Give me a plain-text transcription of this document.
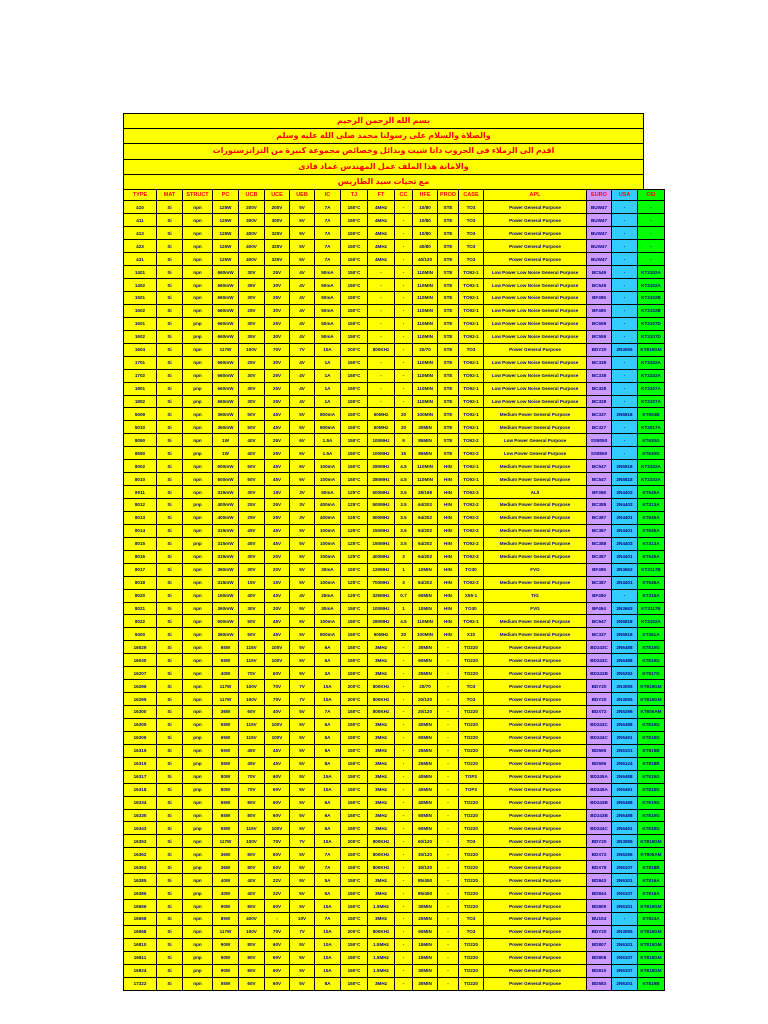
بسم الله الرحمن الرحيم
والصلاة والسلام على رسولنا محمد صلى الله عليه وسلم
اقدم الى الزملاء فى الجروب داتا شيت وبدائل وخصائص مجموعة كبيرة من الترانزستورات
والامانة هذا الملف عمل المهندس عماد فادى
مع تحيات سيد الطاريس
TYPE	MAT	STRUCT	PC	UCB	UCE	UEB	IC	TJ	FT	CC	HFE	PROD	CASE	APL	EURO	USA	CEI
410	Si	npn	125W	200V	200V	5V	7A	150°C	4MHz	-	10/80	STE	TO3	Power General Purpose	BUW47	-	-
411	Si	npn	125W	300V	300V	5V	7A	150°C	4MHz	-	10/80	STE	TO3	Power General Purpose	BUW47	-	-
413	Si	npn	125W	400V	325V	5V	7A	150°C	4MHz	-	10/80	STE	TO3	Power General Purpose	BUW47	-	-
423	Si	npn	125W	400V	325V	5V	7A	150°C	4MHz	-	40/80	STE	TO3	Power General Purpose	BUW47	-	-
431	Si	npn	125W	400V	325V	5V	7A	150°C	4MHz	-	40/120	STE	TO3	Power General Purpose	BUW47	-	-
1401	Si	npn	660mW	30V	25V	4V	50mA	150°C	-	-	110MIN	STE	TO92-1	Low Power Low Noise General Purpose	BC549	-	KT3102A
1402	Si	npn	660mW	35V	30V	4V	50mA	150°C	-	-	110MIN	STE	TO92-1	Low Power Low Noise General Purpose	BC549	-	KT3102A
1501	Si	npn	660mW	30V	25V	4V	50mA	150°C	-	-	110MIN	STE	TO92-1	Low Power Low Noise General Purpose	BF495	-	KT3102B
1502	Si	npn	660mW	25V	30V	4V	50mA	150°C	-	-	110MIN	STE	TO92-1	Low Power Low Noise General Purpose	BF495	-	KT3102B
1601	Si	pnp	660mW	30V	25V	4V	50mA	150°C	-	-	110MIN	STE	TO92-1	Low Power Low Noise General Purpose	BC559	-	KT3107D
1602	Si	pnp	660mW	35V	30V	4V	50mA	150°C	-	-	110MIN	STE	TO92-1	Low Power Low Noise General Purpose	BC559	-	KT3107D
1604	Si	npn	117W	100V	70V	7V	15A	200°C	800KHz	-	20/70	STE	TO3	Power General Purpose	BDY20	2N3055	KT819GM
1701	Si	npn	660mW	25V	30V	4V	1A	150°C	-	-	110MIN	STE	TO92-1	Low Power Low Noise General Purpose	BC338	-	KT3102A
1702	Si	npn	660mW	30V	25V	4V	1A	150°C	-	-	110MIN	STE	TO92-1	Low Power Low Noise General Purpose	BC338	-	KT3102A
1801	Si	pnp	660mW	30V	25V	4V	1A	150°C	-	-	110MIN	STE	TO92-1	Low Power Low Noise General Purpose	BC328	-	KT3107A
1802	Si	pnp	660mW	30V	25V	4V	1A	150°C	-	-	110MIN	STE	TO92-1	Low Power Low Noise General Purpose	BC328	-	KT3107A
5009	Si	npn	360mW	50V	45V	5V	800mA	150°C	60MHz	20	100MIN	STE	TO92-1	Medium Power General Purpose	BC337	2N5818	KT504B
5010	Si	npn	360mW	50V	45V	5V	800mA	150°C	60MHz	20	30MIN	STE	TO92-1	Medium Power General Purpose	BC327	-	KT3017A
8050	Si	npn	1W	40V	25V	6V	1.5A	150°C	100MHz	9	85MIN	STE	TO92-2	Low Power General Purpose	SS8050	-	KT630G
8550	Si	pnp	1W	40V	25V	6V	1.5A	150°C	100MHz	15	85MIN	STE	TO92-2	Low Power General Purpose	SS8550	-	KT630G
8002	Si	npn	500mW	50V	45V	6V	100mA	150°C	280MHz	4.5	110MIN	HIN	TO92-1	Medium Power General Purpose	BC547	2N5818	KT3102A
8010	Si	npn	500mW	50V	45V	6V	100mA	150°C	280MHz	4.5	110MIN	HIN	TO92-1	Medium Power General Purpose	BC547	2N5818	KT3102A
8011	Si	npn	315mW	30V	18V	3V	50mA	125°C	500MHz	3.5	28/198	HIN	TO92-3	AL/I	BF368	2N4403	KT645A
8012	Si	pnp	400mW	25V	25V	3V	400mA	125°C	500MHz	3.5	64/202	HIN	TO92-2	Medium Power General Purpose	BC388	2N4403	KT313A
8013	Si	npn	400mW	25V	25V	3V	400mA	125°C	500MHz	3.5	64/202	HIN	TO92-2	Medium Power General Purpose	BC387	2N4401	KT645A
8014	Si	npn	315mW	45V	45V	5V	100mA	125°C	150MHz	3.5	64/202	HIN	TO92-2	Medium Power General Purpose	BC387	2N4401	KT645A
8015	Si	pnp	315mW	45V	45V	5V	100mA	125°C	150MHz	3.5	64/202	HIN	TO92-2	Medium Power General Purpose	BC388	2N4403	KT313A
8016	Si	npn	315mW	30V	20V	5V	100mA	125°C	400MHz	3	64/202	HIN	TO92-2	Medium Power General Purpose	BC387	2N4401	KT645A
8017	Si	npn	360mW	30V	20V	5V	30mA	150°C	120MHz	1	10MIN	HIN	TO30	FVG	BF495	2N3663	KT3117B
8018	Si	npn	315mW	15V	15V	5V	100mA	125°C	700MHz	3	64/202	HIN	TO92-2	Medium Power General Purpose	BC387	2N4401	KT645A
8020	Si	npn	150mW	40V	40V	4V	25mA	125°C	325MHz	0.7	60MIN	HIN	X55-1	TIG	BF450	-	KT315A
8021	Si	npn	360mW	30V	20V	5V	30mA	150°C	100MHz	1	10MIN	HIN	TO30	FVG	BF494	2N3663	KT3117B
8022	Si	npn	500mW	50V	45V	6V	100mA	150°C	280MHz	4.5	110MIN	HIN	TO92-1	Medium Power General Purpose	BC547	2N5818	KT3102A
9400	Si	npn	360mW	50V	45V	5V	800mA	150°C	60MHz	20	100MIN	HIN	X10	Medium Power General Purpose	BC337	2N5818	KT361A
16029	Si	npn	65W	115V	100V	5V	6A	150°C	3MHz	-	30MIN	-	TO220	Power General Purpose	BD243C	2N6488	KT819G
16030	Si	npn	65W	115V	100V	5V	6A	150°C	3MHz	-	60MIN	-	TO220	Power General Purpose	BD243C	2N6488	KT819G
16207	Si	npn	40W	70V	60V	5V	3A	150°C	3MHz	-	25MIN	-	TO220	Power General Purpose	BD241B	2N6292	KT817G
16296	Si	npn	117W	100V	70V	7V	15A	200°C	800KHz	-	20/70	-	TO3	Power General Purpose	BDY20	2N3055	KT819GM
16299	Si	npn	117W	100V	70V	7V	15A	200°C	800KHz	-	20/120	-	TO3	Power General Purpose	BDY20	2N3055	KT819GM
16300	Si	npn	36W	60V	40V	5V	7A	150°C	800KHz	-	20/120	-	TO220	Power General Purpose	BDX72	2N5296	KT805AM
16305	Si	npn	65W	115V	100V	5V	6A	150°C	3MHz	-	40MIN	-	TO220	Power General Purpose	BD243C	2N6488	KT819G
16306	Si	pnp	65W	115V	100V	5V	6A	150°C	3MHz	-	60MIN	-	TO220	Power General Purpose	BD244C	2N6491	KT818G
16315	Si	npn	55W	45V	45V	5V	8A	150°C	3MHz	-	25MIN	-	TO220	Power General Purpose	BD595	2N6101	KT819B
16316	Si	pnp	55W	45V	45V	5V	8A	150°C	3MHz	-	25MIN	-	TO220	Power General Purpose	BD596	2N6124	KT818B
16317	Si	npn	80W	70V	60V	5V	15A	150°C	3MHz	-	40MIN	-	TOP3	Power General Purpose	BD245A	2N6488	KT819G
16318	Si	pnp	80W	70V	60V	5V	15A	150°C	3MHz	-	40MIN	-	TOP3	Power General Purpose	BD246A	2N6491	KT818G
16334	Si	npn	65W	80V	60V	5V	6A	150°C	3MHz	-	40MIN	-	TO220	Power General Purpose	BD243B	2N6488	KT819G
16335	Si	npn	65W	80V	60V	5V	6A	150°C	3MHz	-	60MIN	-	TO220	Power General Purpose	BD243B	2N6488	KT819G
16343	Si	pnp	65W	115V	100V	5V	6A	150°C	3MHz	-	60MIN	-	TO220	Power General Purpose	BD244C	2N6491	KT818G
16353	Si	npn	117W	100V	70V	7V	15A	200°C	800KHz	-	60/120	-	TO3	Power General Purpose	BDY20	2N3055	KT819GM
16362	Si	npn	36W	80V	60V	5V	7A	150°C	800KHz	-	30/120	-	TO220	Power General Purpose	BDX72	2N5296	KT805AM
16363	Si	pnp	36W	80V	60V	5V	7A	150°C	800KHz	-	30/120	-	TO220	Power General Purpose	BDX78	2N6107	KT818B
16385	Si	npn	40W	40V	22V	5V	5A	150°C	3MHz	-	85/450	-	TO220	Power General Purpose	BD843	2N6101	KT816A
16386	Si	pnp	40W	40V	22V	5V	5A	150°C	3MHz	-	85/450	-	TO220	Power General Purpose	BD844	2N6107	KT816A
16656	Si	npn	90W	80V	60V	5V	15A	150°C	1.5MHz	-	30MIN	-	TO220	Power General Purpose	BD809	2N6101	KT819GM
16658	Si	npn	85W	400V	-	10V	7A	150°C	3MHz	-	20MIN	-	TO3	Power General Purpose	BU104	-	KT824A
16668	Si	npn	117W	100V	70V	7V	15A	200°C	800KHz	-	60MIN	-	TO3	Power General Purpose	BDY20	2N3055	KT819GM
16810	Si	npn	90W	80V	60V	5V	10A	150°C	1.5MHz	-	15MIN	-	TO220	Power General Purpose	BD807	2N6101	KT819GM
16811	Si	pnp	90W	80V	60V	5V	10A	150°C	1.5MHz	-	15MIN	-	TO220	Power General Purpose	BD808	2N6107	KT818GM
16824	Si	pnp	90W	80V	60V	5V	15A	150°C	1.5MHz	-	30MIN	-	TO220	Power General Purpose	BD810	2N6107	KT818GM
17322	Si	npn	55W	60V	60V	5V	8A	150°C	3MHz	-	30MIN	-	TO220	Power General Purpose	BD583	2N6101	KT819B
